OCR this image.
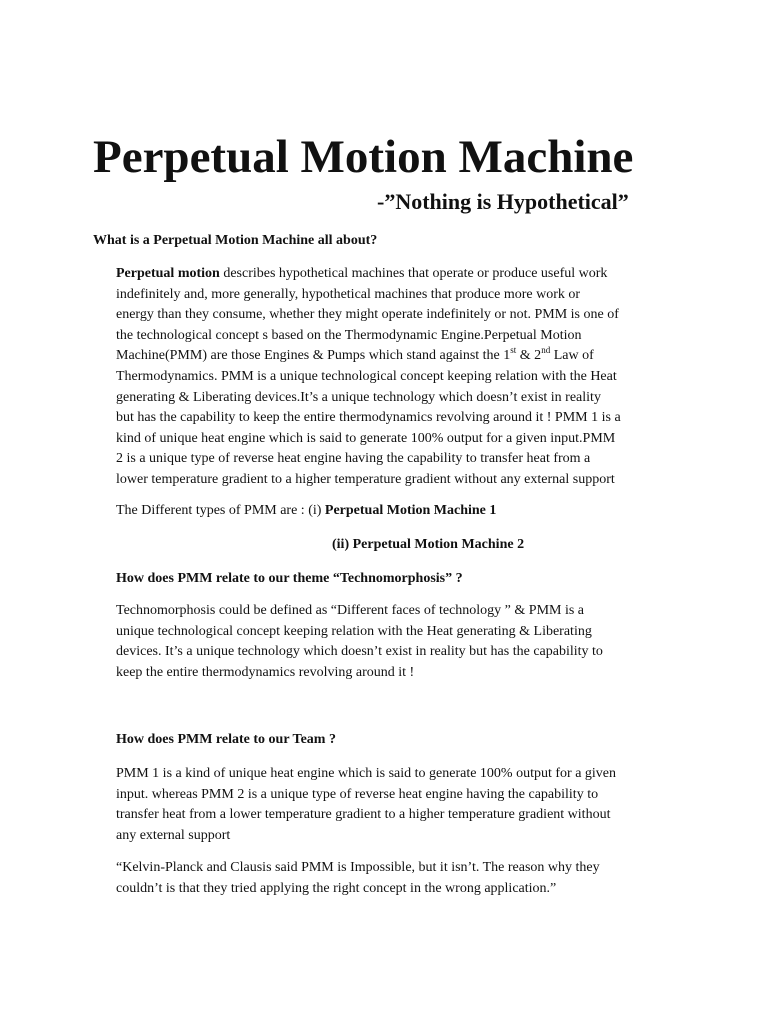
Perpetual Motion Machine
-”Nothing is Hypothetical”

What is a Perpetual Motion Machine all about?

Perpetual motion describes hypothetical machines that operate or produce useful work
indefinitely and, more generally, hypothetical machines that produce more work or
energy than they consume, whether they might operate indefinitely or not. PMM is one of
the technological concept s based on the Thermodynamic Engine.Perpetual Motion
Machine(PMM) are those Engines & Pumps which stand against the 1st & 2nd Law of
Thermodynamics. PMM is a unique technological concept keeping relation with the Heat
generating & Liberating devices.It’s a unique technology which doesn’t exist in reality
but has the capability to keep the entire thermodynamics revolving around it ! PMM 1 is a
kind of unique heat engine which is said to generate 100% output for a given input.PMM
2 is a unique type of reverse heat engine having the capability to transfer heat from a
lower temperature gradient to a higher temperature gradient without any external support

The Different types of PMM are : (i) Perpetual Motion Machine 1

(ii) Perpetual Motion Machine 2

How does PMM relate to our theme “Technomorphosis” ?

Technomorphosis could be defined as “Different faces of technology ” & PMM is a
unique technological concept keeping relation with the Heat generating & Liberating
devices. It’s a unique technology which doesn’t exist in reality but has the capability to
keep the entire thermodynamics revolving around it !

How does PMM relate to our Team ?

PMM 1 is a kind of unique heat engine which is said to generate 100% output for a given
input. whereas PMM 2 is a unique type of reverse heat engine having the capability to
transfer heat from a lower temperature gradient to a higher temperature gradient without
any external support

“Kelvin-Planck and Clausis said PMM is Impossible, but it isn’t. The reason why they
couldn’t is that they tried applying the right concept in the wrong application.”
